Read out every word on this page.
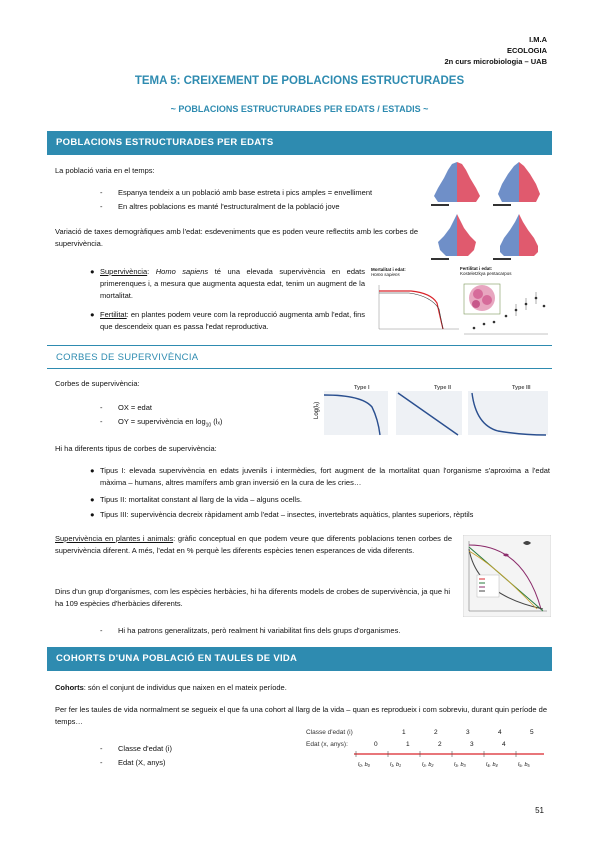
I.M.A
ECOLOGIA
2n curs microbiologia – UAB
TEMA 5: CREIXEMENT DE POBLACIONS ESTRUCTURADES
~ POBLACIONS ESTRUCTURADES PER EDATS / ESTADIS ~
POBLACIONS ESTRUCTURADES PER EDATS
La població varia en el temps:
- Espanya tendeix a un població amb base estreta i pics amples = envelliment
- En altres poblacions es manté l'estructuralment de la població jove
Variació de taxes demogràfiques amb l'edat: esdeveniments que es poden veure reflectits amb les corbes de supervivència.
● Supervivència: Homo sapiens té una elevada supervivència en edats primerenques i, a mesura que augmenta aquesta edat, tenim un augment de la mortalitat.
● Fertilitat: en plantes podem veure com la reproducció augmenta amb l'edat, fins que descendeix quan es passa l'edat reproductiva.
Mortalitat i edat:
Homo sapiens
Fertilitat i edat:
Kosteletzkya pentacarpos
CORBES DE SUPERVIVÈNCIA
Corbes de supervivència:
- OX = edat
- OY = supervivència en $\log_{10} (l_x)$
Log(lₓ)
Type I	Type II	Type III
Hi ha diferents tipus de corbes de supervivència:
● Tipus I: elevada supervivència en edats juvenils i intermèdies, fort augment de la mortalitat quan l'organisme s'aproxima a l'edat màxima – humans, altres mamífers amb gran inversió en la cura de les cries…
● Tipus II: mortalitat constant al llarg de la vida – alguns ocells.
● Tipus III: supervivència decreix ràpidament amb l'edat – insectes, invertebrats aquàtics, plantes superiors, rèptils
Supervivència en plantes i animals: gràfic conceptual en que podem veure que diferents poblacions tenen corbes de supervivència diferent. A més, l'edat en % perquè les diferents espècies tenen esperances de vida diferents.
Dins d'un grup d'organismes, com les espècies herbàcies, hi ha diferents models de crobes de supervivència, ja que hi ha 109 espècies d'herbàcies diferents.
- Hi ha patrons generalitzats, però realment hi variabilitat fins dels grups d'organismes.
COHORTS D'UNA POBLACIÓ EN TAULES DE VIDA
Cohorts: són el conjunt de individus que naixen en el mateix període.
Per fer les taules de vida normalment se segueix el que fa una cohort al llarg de la vida – quan es reprodueix i com sobreviu, durant quin període de temps…
- Classe d'edat (i)
- Edat (X, anys)
Classe d'edat (i)
Edat (x, anys):
1	2	3	4	5
0	1	2	3	4
l₀, b₀	l₁, b₁	l₂, b₂	l₃, b₃	l₄, b₄	l₅, b₅
51
